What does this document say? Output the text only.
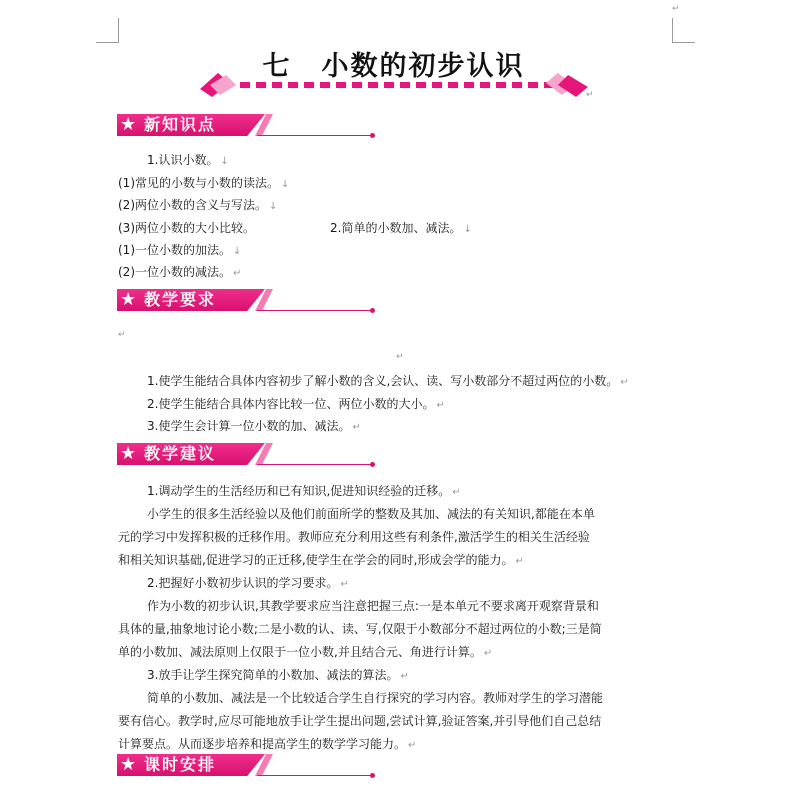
↵
七 小数的初步认识
↵
★ 新知识点
1.认识小数。 ↓
(1)常见的小数与小数的读法。 ↓
(2)两位小数的含义与写法。 ↓
(3)两位小数的大小比较。	2.简单的小数加、减法。 ↓
(1)一位小数的加法。 ↓
(2)一位小数的减法。 ↵
★ 教学要求
↵
↵
1.使学生能结合具体内容初步了解小数的含义,会认、读、写小数部分不超过两位的小数。 ↵
2.使学生能结合具体内容比较一位、两位小数的大小。 ↵
3.使学生会计算一位小数的加、减法。 ↵
★ 教学建议
1.调动学生的生活经历和已有知识,促进知识经验的迁移。 ↵
小学生的很多生活经验以及他们前面所学的整数及其加、减法的有关知识,都能在本单
元的学习中发挥积极的迁移作用。教师应充分利用这些有利条件,激活学生的相关生活经验
和相关知识基础,促进学习的正迁移,使学生在学会的同时,形成会学的能力。 ↵
2.把握好小数初步认识的学习要求。 ↵
作为小数的初步认识,其教学要求应当注意把握三点:一是本单元不要求离开观察背景和
具体的量,抽象地讨论小数;二是小数的认、读、写,仅限于小数部分不超过两位的小数;三是简
单的小数加、减法原则上仅限于一位小数,并且结合元、角进行计算。 ↵
3.放手让学生探究简单的小数加、减法的算法。 ↵
简单的小数加、减法是一个比较适合学生自行探究的学习内容。教师对学生的学习潜能
要有信心。教学时,应尽可能地放手让学生提出问题,尝试计算,验证答案,并引导他们自己总结
计算要点。从而逐步培养和提高学生的数学学习能力。 ↵
★ 课时安排
